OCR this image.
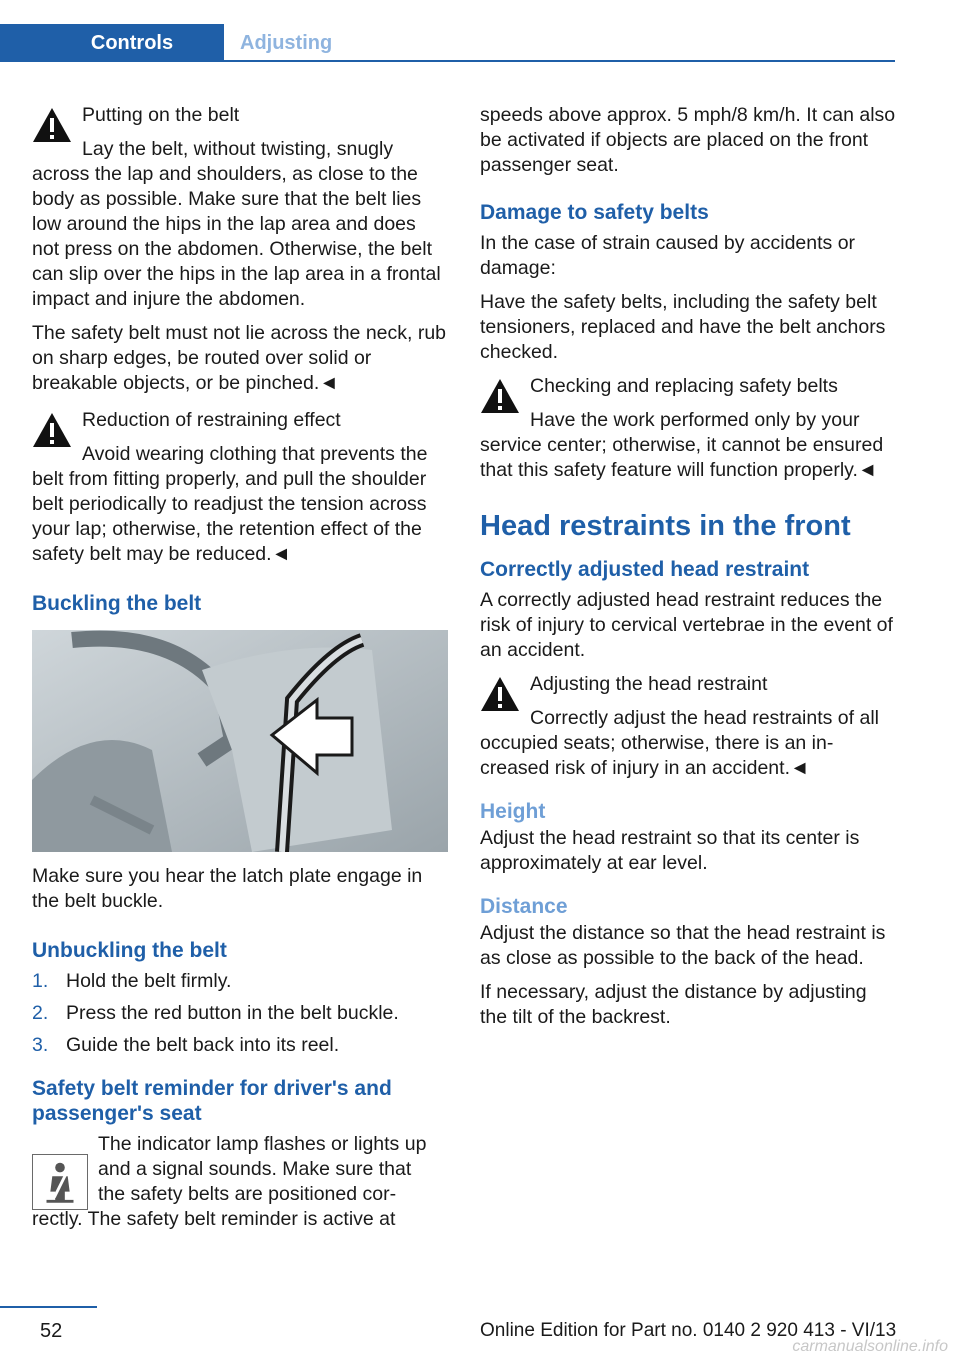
Controls	Adjusting

Putting on the belt

Lay the belt, without twisting, snugly across the lap and shoulders, as close to the body as possible. Make sure that the belt lies low around the hips in the lap area and does not press on the abdomen. Otherwise, the belt can slip over the hips in the lap area in a frontal impact and injure the abdomen.

The safety belt must not lie across the neck, rub on sharp edges, be routed over solid or breakable objects, or be pinched.◄

Reduction of restraining effect

Avoid wearing clothing that prevents the belt from fitting properly, and pull the shoulder belt periodically to readjust the tension across your lap; otherwise, the retention effect of the safety belt may be reduced.◄

Buckling the belt

Make sure you hear the latch plate engage in the belt buckle.

Unbuckling the belt
1. Hold the belt firmly.
2. Press the red button in the belt buckle.
3. Guide the belt back into its reel.
Safety belt reminder for driver's and passenger's seat
The indicator lamp flashes or lights up
and a signal sounds. Make sure that
the safety belts are positioned cor-
rectly. The safety belt reminder is active at

speeds above approx. 5 mph/8 km/h. It can also be activated if objects are placed on the front passenger seat.

Damage to safety belts

In the case of strain caused by accidents or damage:

Have the safety belts, including the safety belt tensioners, replaced and have the belt anchors checked.

Checking and replacing safety belts

Have the work performed only by your service center; otherwise, it cannot be ensured that this safety feature will function properly.◄

Head restraints in the front
Correctly adjusted head restraint

A correctly adjusted head restraint reduces the risk of injury to cervical vertebrae in the event of an accident.

Adjusting the head restraint

Correctly adjust the head restraints of all occupied seats; otherwise, there is an in- creased risk of injury in an accident.◄

Height

Adjust the head restraint so that its center is approximately at ear level.

Distance

Adjust the distance so that the head restraint is as close as possible to the back of the head.

If necessary, adjust the distance by adjusting the tilt of the backrest.

52	Online Edition for Part no. 0140 2 920 413 - VI/13
carmanualsonline.info
